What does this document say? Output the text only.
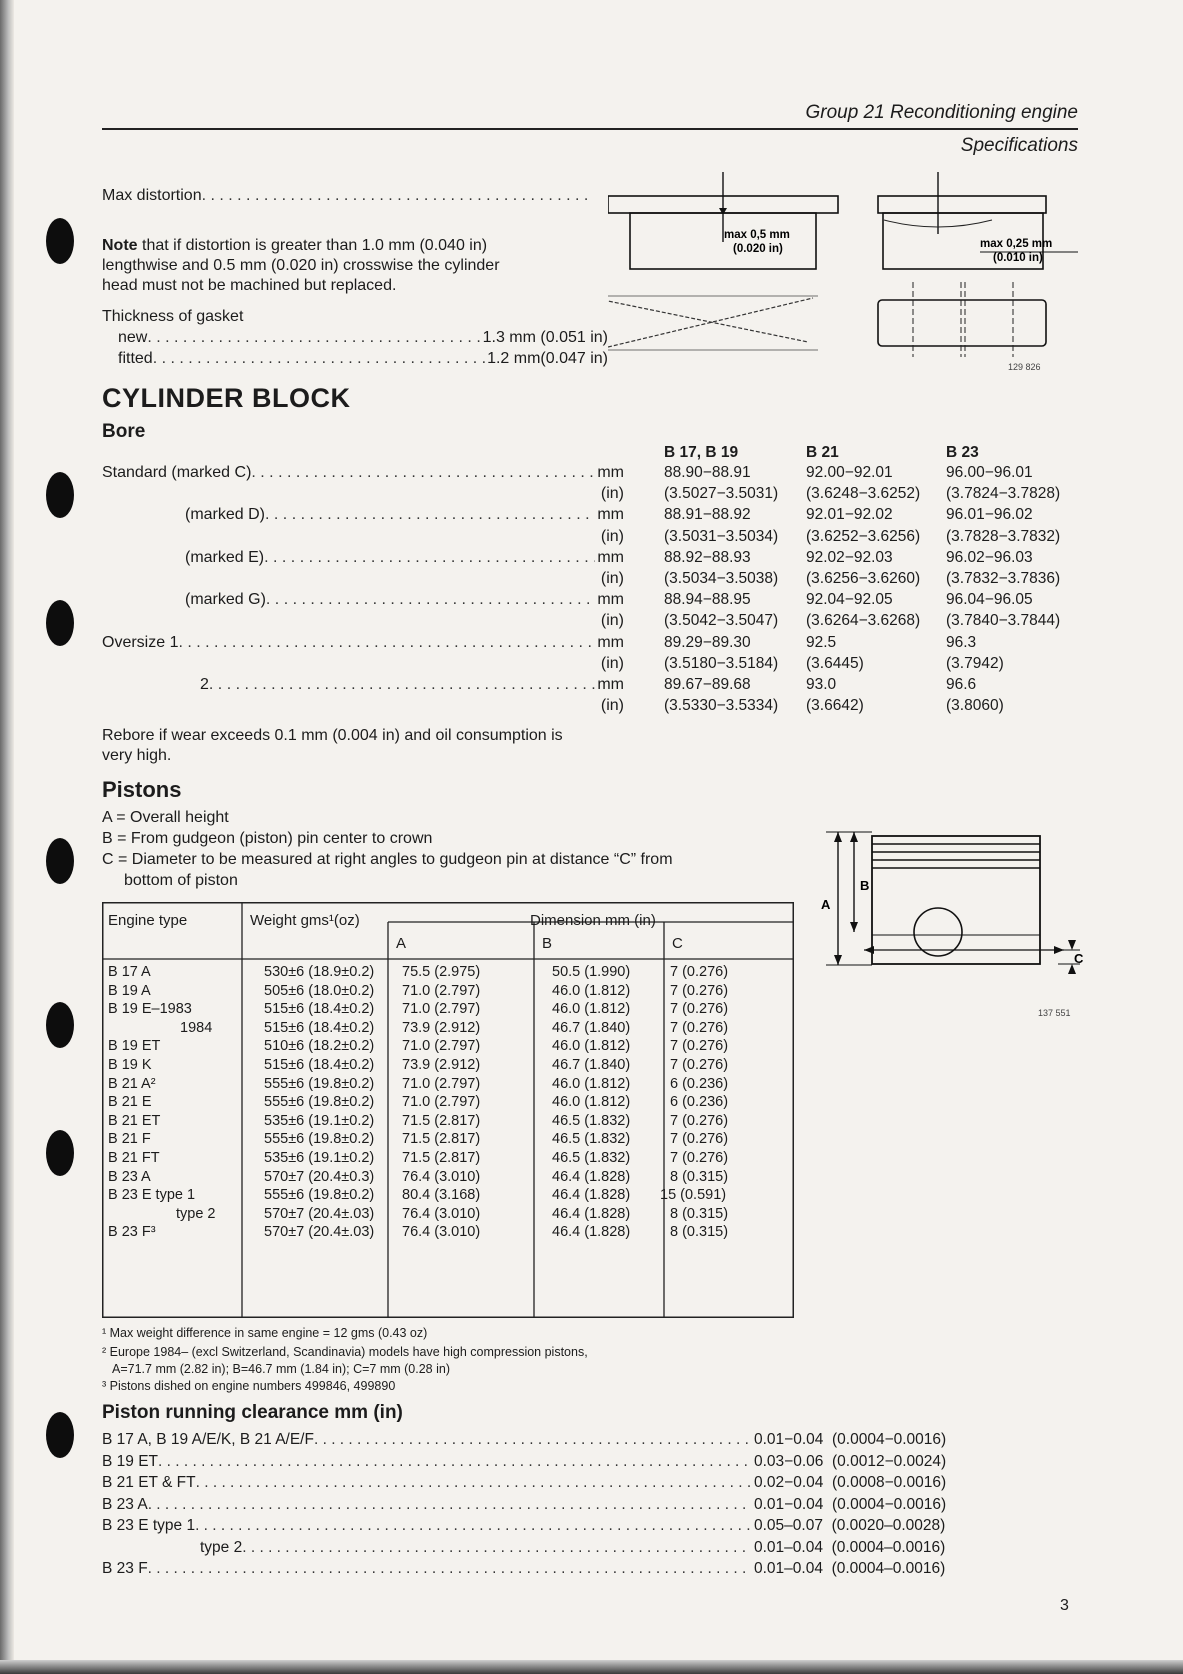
Group 21 Reconditioning engine
Specifications
Max distortion
. . .
Note that if distortion is greater than 1.0 mm (0.040 in)
lengthwise and 0.5 mm (0.020 in) crosswise the cylinder
head must not be machined but replaced.
Thickness of gasket
new . . .	1.3 mm (0.051 in)
fitted . . .	1.2 mm(0.047 in)
max 0,5 mm
(0.020 in)	max 0,25 mm
(0.010 in)
129 826
CYLINDER BLOCK
Bore
B 17, B 19	B 21	B 23
Standard (marked C) . . .	mm	88.90−88.91	92.00−92.01	96.00−96.01
(in)	(3.5027−3.5031) (3.6248−3.6252) (3.7824−3.7828)
(marked D) . . .	mm	88.91−88.92	92.01−92.02	96.01−96.02
(in)	(3.5031−3.5034) (3.6252−3.6256) (3.7828−3.7832)
(marked E) . . .	mm	88.92−88.93	92.02−92.03	96.02−96.03
(in)	(3.5034−3.5038) (3.6256−3.6260) (3.7832−3.7836)
(marked G) . . .	mm	88.94−88.95	92.04−92.05	96.04−96.05
(in)	(3.5042−3.5047) (3.6264−3.6268) (3.7840−3.7844)
Oversize 1 . . .	mm	89.29−89.30	92.5	96.3
(in)	(3.5180−3.5184) (3.6445)	(3.7942)
2 . . .	mm	89.67−89.68	93.0	96.6
(in)	(3.5330−3.5334) (3.6642)	(3.8060)
Rebore if wear exceeds 0.1 mm (0.004 in) and oil consumption is
very high.
Pistons
A = Overall height
B = From gudgeon (piston) pin center to crown
C = Diameter to be measured at right angles to gudgeon pin at distance “C” from
bottom of piston
A
B
C
137 551
Engine type	Weight gms¹(oz)	Dimension mm (in)
A	B	C
B 17 A	530±6 (18.9±0.2) 75.5 (2.975)	50.5 (1.990)	7 (0.276)
B 19 A	505±6 (18.0±0.2) 71.0 (2.797)	46.0 (1.812)	7 (0.276)
B 19 E–1983	515±6 (18.4±0.2) 71.0 (2.797)	46.0 (1.812)	7 (0.276)
1984	515±6 (18.4±0.2) 73.9 (2.912)	46.7 (1.840)	7 (0.276)
B 19 ET	510±6 (18.2±0.2) 71.0 (2.797)	46.0 (1.812)	7 (0.276)
B 19 K	515±6 (18.4±0.2) 73.9 (2.912)	46.7 (1.840)	7 (0.276)
B 21 A²	555±6 (19.8±0.2) 71.0 (2.797)	46.0 (1.812)	6 (0.236)
B 21 E	555±6 (19.8±0.2) 71.0 (2.797)	46.0 (1.812)	6 (0.236)
B 21 ET	535±6 (19.1±0.2) 71.5 (2.817)	46.5 (1.832)	7 (0.276)
B 21 F	555±6 (19.8±0.2) 71.5 (2.817)	46.5 (1.832)	7 (0.276)
B 21 FT	535±6 (19.1±0.2) 71.5 (2.817)	46.5 (1.832)	7 (0.276)
B 23 A	570±7 (20.4±0.3) 76.4 (3.010)	46.4 (1.828)	8 (0.315)
B 23 E type 1	555±6 (19.8±0.2) 80.4 (3.168)	46.4 (1.828) 15 (0.591)
type 2	570±7 (20.4±.03) 76.4 (3.010)	46.4 (1.828)	8 (0.315)
B 23 F³	570±7 (20.4±.03) 76.4 (3.010)	46.4 (1.828)	8 (0.315)
¹ Max weight difference in same engine = 12 gms (0.43 oz)
² Europe 1984– (excl Switzerland, Scandinavia) models have high compression pistons,
A=71.7 mm (2.82 in); B=46.7 mm (1.84 in); C=7 mm (0.28 in)
³ Pistons dished on engine numbers 499846, 499890
Piston running clearance mm (in)
B 17 A, B 19 A/E/K, B 21 A/E/F . . .	0.01−0.04  (0.0004−0.0016)
B 19 ET . . .	0.03−0.06  (0.0012−0.0024)
B 21 ET & FT . . .	0.02−0.04  (0.0008−0.0016)
B 23 A . . .	0.01−0.04  (0.0004−0.0016)
B 23 E type 1 . . .	0.05–0.07  (0.0020–0.0028)
type 2 . . .	0.01–0.04  (0.0004–0.0016)
B 23 F . . .	0.01–0.04  (0.0004–0.0016)
3
